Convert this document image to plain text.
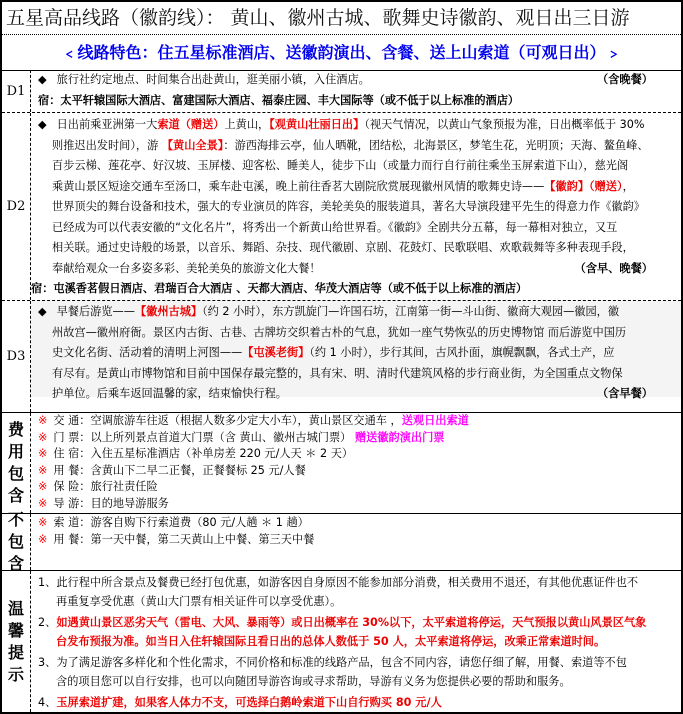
五星高品线路（徽韵线）： 黄山、徽州古城、歌舞史诗徽韵、观日出三日游
﹤线路特色：住五星标准酒店、送徽韵演出、含餐、送上山索道（可观日出）﹥
D1
◆ 旅行社约定地点、时间集合出赴黄山，逛美丽小镇，入住酒店。	（含晚餐）
宿：太平轩辕国际大酒店、富建国际大酒店、福泰庄园、丰大国际等（或不低于以上标准的酒店）
D2
◆ 日出前乘亚洲第一大索道（赠送）上黄山，【观黄山壮丽日出】（视天气情况，以黄山气象预报为准，日出概率低于 30%
则推迟出发时间），游 【黄山全景】：游西海排云亭，仙人晒靴，团结松，北海景区，梦笔生花，光明顶；天海、鳌鱼峰、
百步云梯、莲花亭、好汉坡、玉屏楼、迎客松、睡美人，徒步下山（或量力而行自行前往乘坐玉屏索道下山），慈光阁
乘黄山景区短途交通车至汤口，乘车赴屯溪，晚上前往香茗大剧院欣赏展现徽州风情的歌舞史诗——【徽韵】（赠送），
世界顶尖的舞台设备和技术，强大的专业演员的阵容，美轮美奂的服装道具，著名大导演段建平先生的得意力作《徽韵》
已经成为可以代表安徽的“文化名片”，将秀出一个新黄山给世界看。《徽韵》全剧共分五幕，每一幕相对独立，又互
相关联。通过史诗般的场景，以音乐、舞蹈、杂技、现代徽剧、京剧、花鼓灯、民歌联唱、欢歌载舞等多种表现手段，
奉献给观众一台多姿多彩、美轮美奂的旅游文化大餐！	（含早、晚餐）
宿：屯溪香茗假日酒店、君瑞百合大酒店 、天都大酒店、华茂大酒店等（或不低于以上标准的酒店）
D3
◆ 早餐后游览——【徽州古城】（约 2 小时），东方凯旋门—许国石坊，江南第一街—斗山街、徽商大观园—徽园，徽
州故宫—徽州府衙。景区内古街、古巷、古牌坊交织着古朴的气息，犹如一座气势恢弘的历史博物馆 而后游览中国历
史文化名街、活动着的清明上河图——【屯溪老街】（约 1 小时），步行其间，古风扑面，旗幌飘飘，各式土产，应
有尽有。是黄山市博物馆和目前中国保存最完整的，具有宋、明、清时代建筑风格的步行商业街，为全国重点文物保
护单位。后乘车返回温馨的家，结束愉快行程。	（含早餐）
费
用
包
含
※ 交 通：空调旅游车往返（根据人数多少定大小车），黄山景区交通车 ，送观日出索道
※ 门 票：以上所列景点首道大门票（含 黄山、徽州古城门票） 赠送徽韵演出门票
※ 住 宿：入住五星标准酒店（补单房差 220 元/人天 ＊ 2 天）
※ 用 餐：含黄山下二早二正餐，正餐餐标 25 元/人餐
※ 保 险：旅行社责任险
※ 导 游：目的地导游服务
不
包
含
※ 索 道：游客自购下行索道费（80 元/人趟 ＊ 1 趟）
※ 用 餐：第一天中餐，第二天黄山上中餐、第三天中餐
温
馨
提
示
1、此行程中所含景点及餐费已经打包优惠，如游客因自身原因不能参加部分消费，相关费用不退还，有其他优惠证件也不
再重复享受优惠（黄山大门票有相关证件可以享受优惠）。
2、如遇黄山景区恶劣天气（雷电、大风、暴雨等）或日出概率在 30%以下，太平索道将停运，天气预报以黄山风景区气象
台发布预报为准。如当日入住轩辕国际且看日出的总体人数低于 50 人，太平索道将停运，改乘正常索道时间。
3、为了满足游客多样化和个性化需求，不同价格和标准的线路产品，包含不同内容，请您仔细了解，用餐、索道等不包
含的项目您可以自行安排，也可以向随团导游咨询或寻求帮助，导游有义务为您提供必要的帮助和服务。
4、玉屏索道扩建，如果客人体力不支，可选择白鹅岭索道下山自行购买 80 元/人
